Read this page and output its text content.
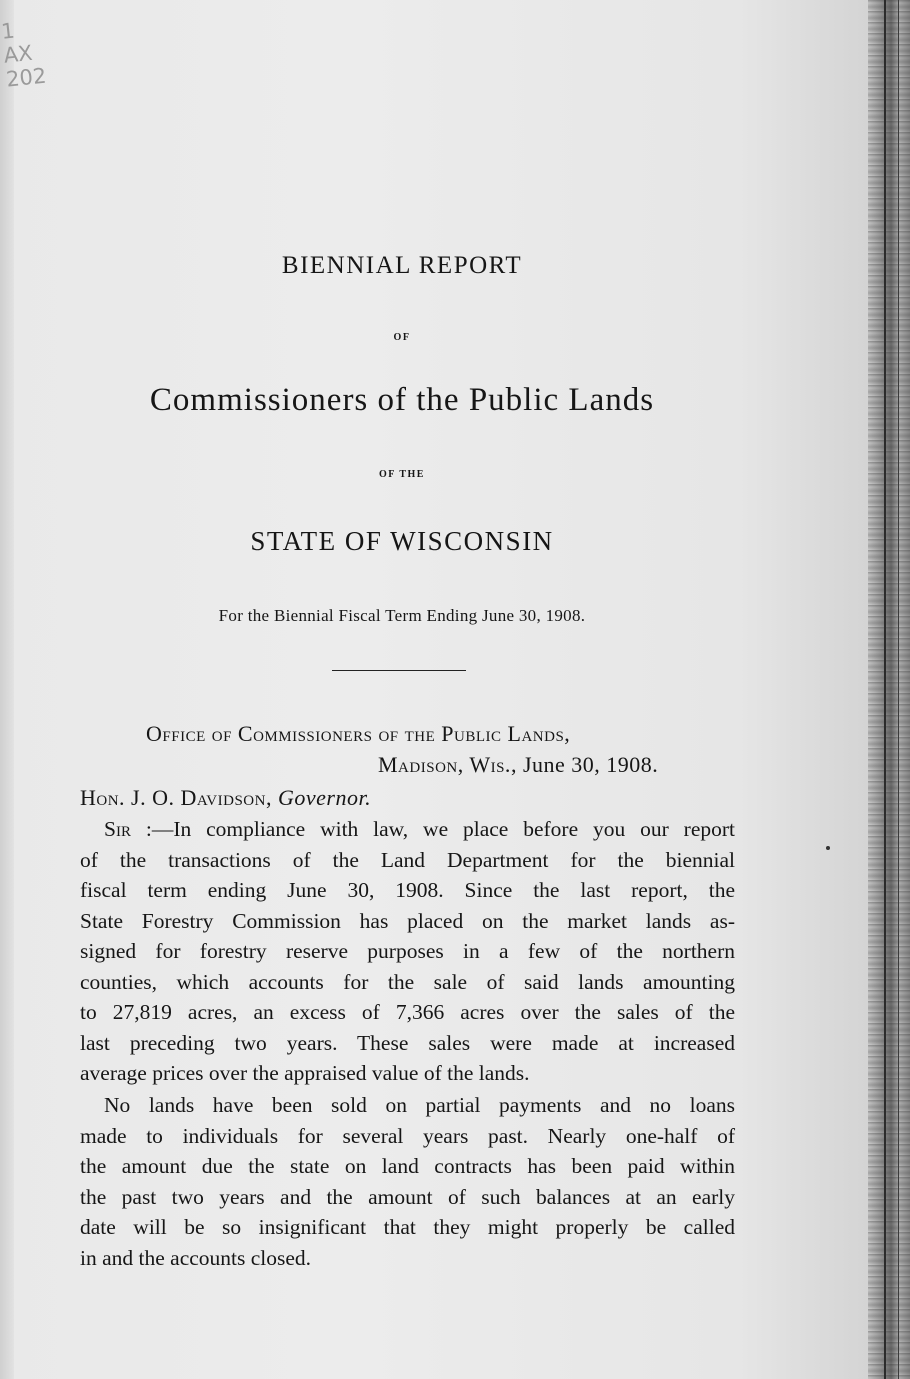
1
AX
202
BIENNIAL REPORT
OF
Commissioners of the Public Lands
OF THE
STATE OF WISCONSIN
For the Biennial Fiscal Term Ending June 30, 1908.
Office of Commissioners of the Public Lands,
Madison, Wis., June 30, 1908.
Hon. J. O. Davidson, Governor.
Sir :—In compliance with law, we place before you our report
of the transactions of the Land Department for the biennial
fiscal term ending June 30, 1908. Since the last report, the
State Forestry Commission has placed on the market lands as-
signed for forestry reserve purposes in a few of the northern
counties, which accounts for the sale of said lands amounting
to 27,819 acres, an excess of 7,366 acres over the sales of the
last preceding two years. These sales were made at increased
average prices over the appraised value of the lands.
No lands have been sold on partial payments and no loans
made to individuals for several years past. Nearly one-half of
the amount due the state on land contracts has been paid within
the past two years and the amount of such balances at an early
date will be so insignificant that they might properly be called
in and the accounts closed.
